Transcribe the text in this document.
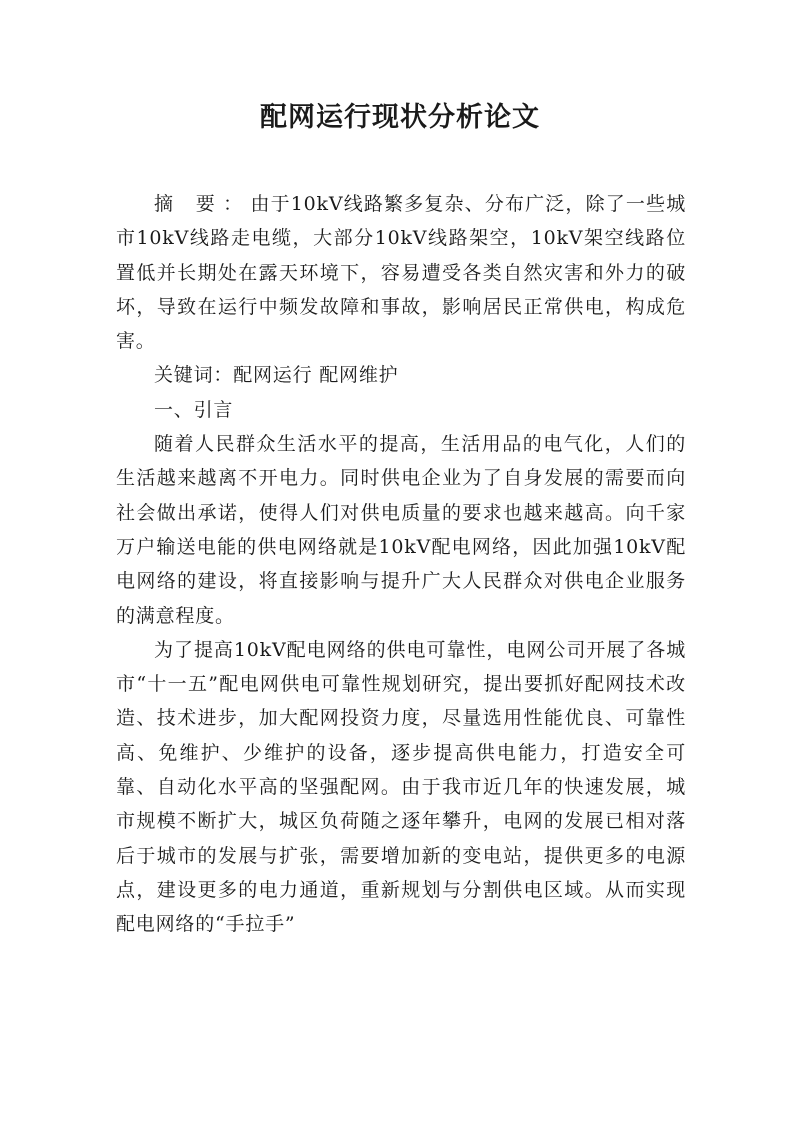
配网运行现状分析论文

摘 要：由于10kV线路繁多复杂、分布广泛，除了一些城市10kV线路走电缆，大部分10kV线路架空，10kV架空线路位置低并长期处在露天环境下，容易遭受各类自然灾害和外力的破坏，导致在运行中频发故障和事故，影响居民正常供电，构成危害。

关键词：配网运行 配网维护

一、引言

随着人民群众生活水平的提高，生活用品的电气化，人们的生活越来越离不开电力。同时供电企业为了自身发展的需要而向社会做出承诺，使得人们对供电质量的要求也越来越高。向千家万户输送电能的供电网络就是10kV配电网络，因此加强10kV配电网络的建设，将直接影响与提升广大人民群众对供电企业服务的满意程度。

为了提高10kV配电网络的供电可靠性，电网公司开展了各城市“十一五”配电网供电可靠性规划研究，提出要抓好配网技术改造、技术进步，加大配网投资力度，尽量选用性能优良、可靠性高、免维护、少维护的设备，逐步提高供电能力，打造安全可靠、自动化水平高的坚强配网。由于我市近几年的快速发展，城市规模不断扩大，城区负荷随之逐年攀升，电网的发展已相对落后于城市的发展与扩张，需要增加新的变电站，提供更多的电源点，建设更多的电力通道，重新规划与分割供电区域。从而实现配电网络的“手拉手”
